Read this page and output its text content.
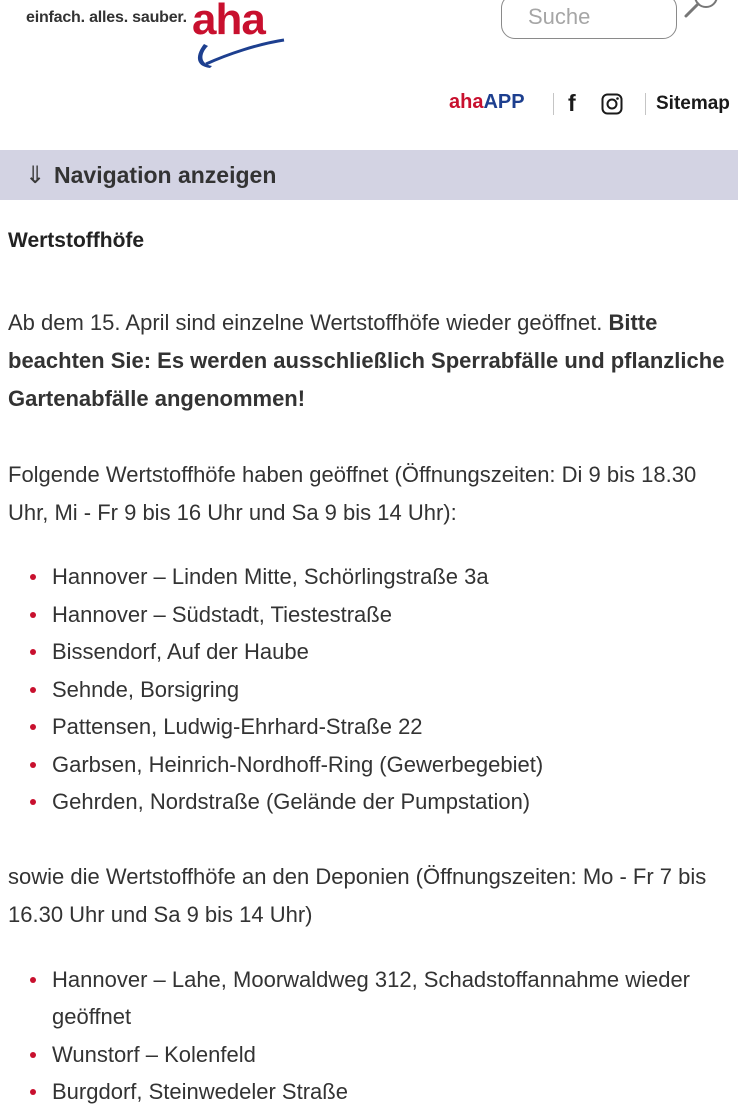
einfach. alles. sauber. aha
Suche
ahaAPP f	Sitemap
⇓ Navigation anzeigen
Wertstoffhöfe

Ab dem 15. April sind einzelne Wertstoffhöfe wieder geöffnet. Bitte beachten Sie: Es werden ausschließlich Sperrabfälle und pflanzliche Gartenabfälle angenommen!

Folgende Wertstoffhöfe haben geöffnet (Öffnungszeiten: Di 9 bis 18.30 Uhr, Mi - Fr 9 bis 16 Uhr und Sa 9 bis 14 Uhr):

Hannover – Linden Mitte, Schörlingstraße 3a
Hannover – Südstadt, Tiestestraße
Bissendorf, Auf der Haube
Sehnde, Borsigring
Pattensen, Ludwig-Ehrhard-Straße 22
Garbsen, Heinrich-Nordhoff-Ring (Gewerbegebiet)
Gehrden, Nordstraße (Gelände der Pumpstation)

sowie die Wertstoffhöfe an den Deponien (Öffnungszeiten: Mo - Fr 7 bis 16.30 Uhr und Sa 9 bis 14 Uhr)

Hannover – Lahe, Moorwaldweg 312, Schadstoffannahme wieder geöffnet
Wunstorf – Kolenfeld
Burgdorf, Steinwedeler Straße
